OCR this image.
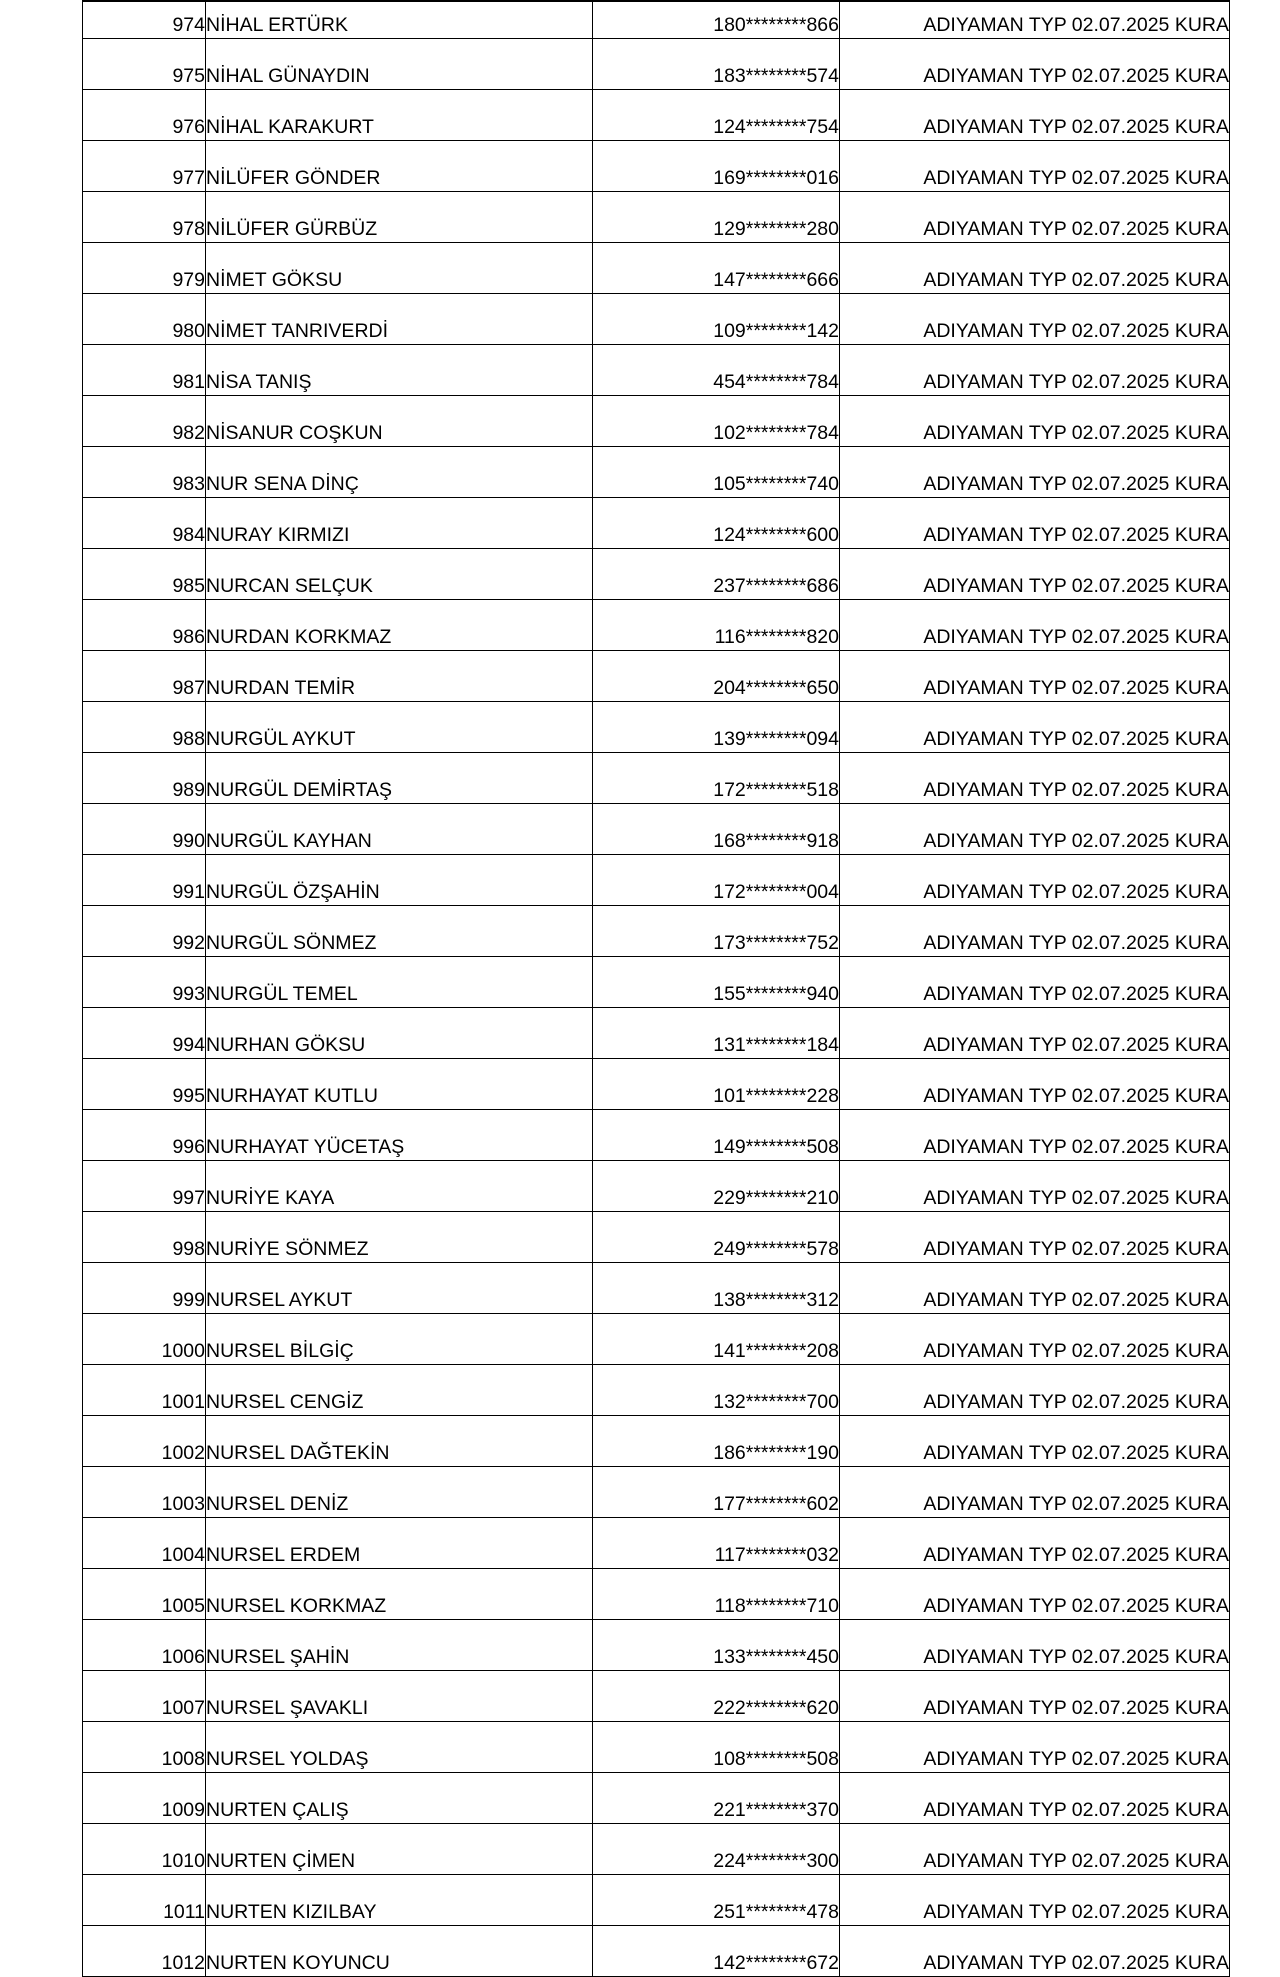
974	NİHAL ERTÜRK	180********866	ADIYAMAN TYP 02.07.2025 KURA
975	NİHAL GÜNAYDIN	183********574	ADIYAMAN TYP 02.07.2025 KURA
976	NİHAL KARAKURT	124********754	ADIYAMAN TYP 02.07.2025 KURA
977	NİLÜFER GÖNDER	169********016	ADIYAMAN TYP 02.07.2025 KURA
978	NİLÜFER GÜRBÜZ	129********280	ADIYAMAN TYP 02.07.2025 KURA
979	NİMET GÖKSU	147********666	ADIYAMAN TYP 02.07.2025 KURA
980	NİMET TANRIVERDİ	109********142	ADIYAMAN TYP 02.07.2025 KURA
981	NİSA TANIŞ	454********784	ADIYAMAN TYP 02.07.2025 KURA
982	NİSANUR COŞKUN	102********784	ADIYAMAN TYP 02.07.2025 KURA
983	NUR SENA DİNÇ	105********740	ADIYAMAN TYP 02.07.2025 KURA
984	NURAY KIRMIZI	124********600	ADIYAMAN TYP 02.07.2025 KURA
985	NURCAN SELÇUK	237********686	ADIYAMAN TYP 02.07.2025 KURA
986	NURDAN KORKMAZ	116********820	ADIYAMAN TYP 02.07.2025 KURA
987	NURDAN TEMİR	204********650	ADIYAMAN TYP 02.07.2025 KURA
988	NURGÜL AYKUT	139********094	ADIYAMAN TYP 02.07.2025 KURA
989	NURGÜL DEMİRTAŞ	172********518	ADIYAMAN TYP 02.07.2025 KURA
990	NURGÜL KAYHAN	168********918	ADIYAMAN TYP 02.07.2025 KURA
991	NURGÜL ÖZŞAHİN	172********004	ADIYAMAN TYP 02.07.2025 KURA
992	NURGÜL SÖNMEZ	173********752	ADIYAMAN TYP 02.07.2025 KURA
993	NURGÜL TEMEL	155********940	ADIYAMAN TYP 02.07.2025 KURA
994	NURHAN GÖKSU	131********184	ADIYAMAN TYP 02.07.2025 KURA
995	NURHAYAT KUTLU	101********228	ADIYAMAN TYP 02.07.2025 KURA
996	NURHAYAT YÜCETAŞ	149********508	ADIYAMAN TYP 02.07.2025 KURA
997	NURİYE KAYA	229********210	ADIYAMAN TYP 02.07.2025 KURA
998	NURİYE SÖNMEZ	249********578	ADIYAMAN TYP 02.07.2025 KURA
999	NURSEL AYKUT	138********312	ADIYAMAN TYP 02.07.2025 KURA
1000	NURSEL BİLGİÇ	141********208	ADIYAMAN TYP 02.07.2025 KURA
1001	NURSEL CENGİZ	132********700	ADIYAMAN TYP 02.07.2025 KURA
1002	NURSEL DAĞTEKİN	186********190	ADIYAMAN TYP 02.07.2025 KURA
1003	NURSEL DENİZ	177********602	ADIYAMAN TYP 02.07.2025 KURA
1004	NURSEL ERDEM	117********032	ADIYAMAN TYP 02.07.2025 KURA
1005	NURSEL KORKMAZ	118********710	ADIYAMAN TYP 02.07.2025 KURA
1006	NURSEL ŞAHİN	133********450	ADIYAMAN TYP 02.07.2025 KURA
1007	NURSEL ŞAVAKLI	222********620	ADIYAMAN TYP 02.07.2025 KURA
1008	NURSEL YOLDAŞ	108********508	ADIYAMAN TYP 02.07.2025 KURA
1009	NURTEN ÇALIŞ	221********370	ADIYAMAN TYP 02.07.2025 KURA
1010	NURTEN ÇİMEN	224********300	ADIYAMAN TYP 02.07.2025 KURA
1011	NURTEN KIZILBAY	251********478	ADIYAMAN TYP 02.07.2025 KURA
1012	NURTEN KOYUNCU	142********672	ADIYAMAN TYP 02.07.2025 KURA
